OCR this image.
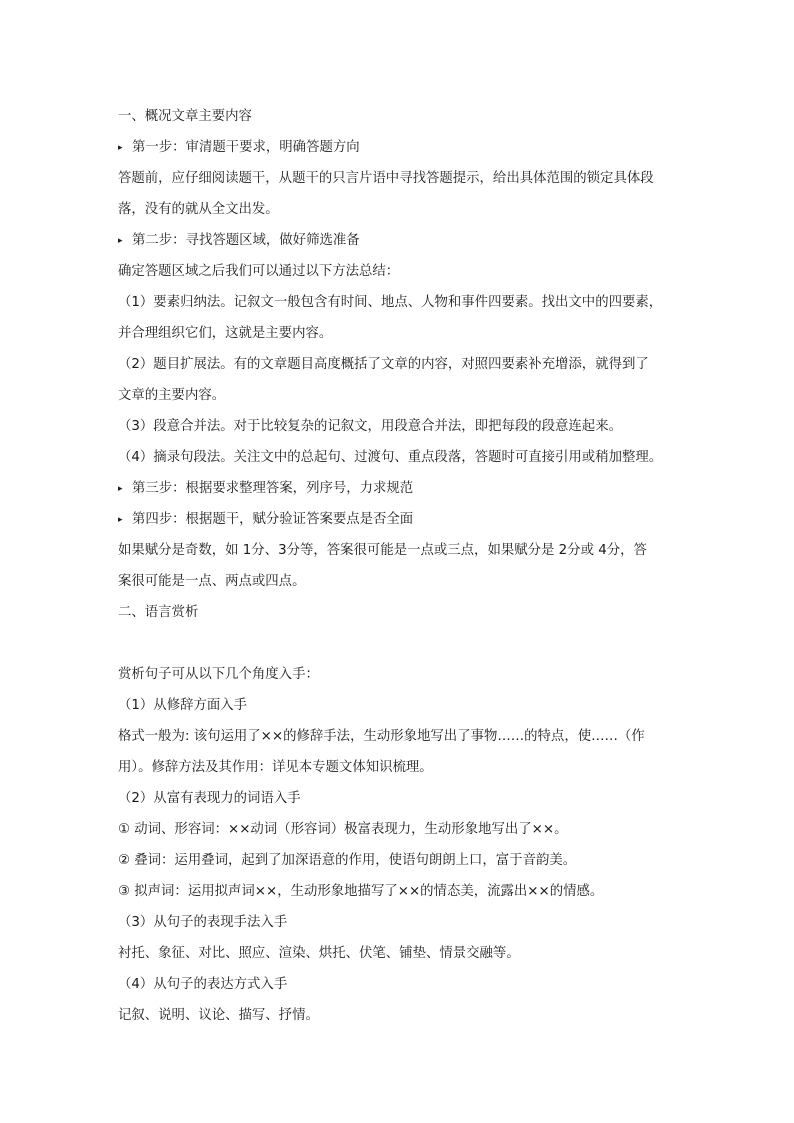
一、概况文章主要内容
▸ 第一步：审清题干要求，明确答题方向
答题前，应仔细阅读题干，从题干的只言片语中寻找答题提示，给出具体范围的锁定具体段
落，没有的就从全文出发。
▸ 第二步：寻找答题区域，做好筛选准备
确定答题区域之后我们可以通过以下方法总结：
（1）要素归纳法。记叙文一般包含有时间、地点、人物和事件四要素。找出文中的四要素，
并合理组织它们，这就是主要内容。
（2）题目扩展法。有的文章题目高度概括了文章的内容，对照四要素补充增添，就得到了
文章的主要内容。
（3）段意合并法。对于比较复杂的记叙文，用段意合并法，即把每段的段意连起来。
（4）摘录句段法。关注文中的总起句、过渡句、重点段落，答题时可直接引用或稍加整理。
▸ 第三步：根据要求整理答案，列序号，力求规范
▸ 第四步：根据题干，赋分验证答案要点是否全面
如果赋分是奇数，如 1分、3分等，答案很可能是一点或三点，如果赋分是 2分或 4分，答
案很可能是一点、两点或四点。
二、语言赏析
赏析句子可从以下几个角度入手：
（1）从修辞方面入手
格式一般为: 该句运用了××的修辞手法，生动形象地写出了事物……的特点，使……（作
用）。修辞方法及其作用：详见本专题文体知识梳理。
（2）从富有表现力的词语入手
① 动词、形容词：××动词（形容词）极富表现力，生动形象地写出了××。
② 叠词：运用叠词，起到了加深语意的作用，使语句朗朗上口，富于音韵美。
③ 拟声词：运用拟声词××，生动形象地描写了××的情态美，流露出××的情感。
（3）从句子的表现手法入手
衬托、象征、对比、照应、渲染、烘托、伏笔、铺垫、情景交融等。
（4）从句子的表达方式入手
记叙、说明、议论、描写、抒情。
